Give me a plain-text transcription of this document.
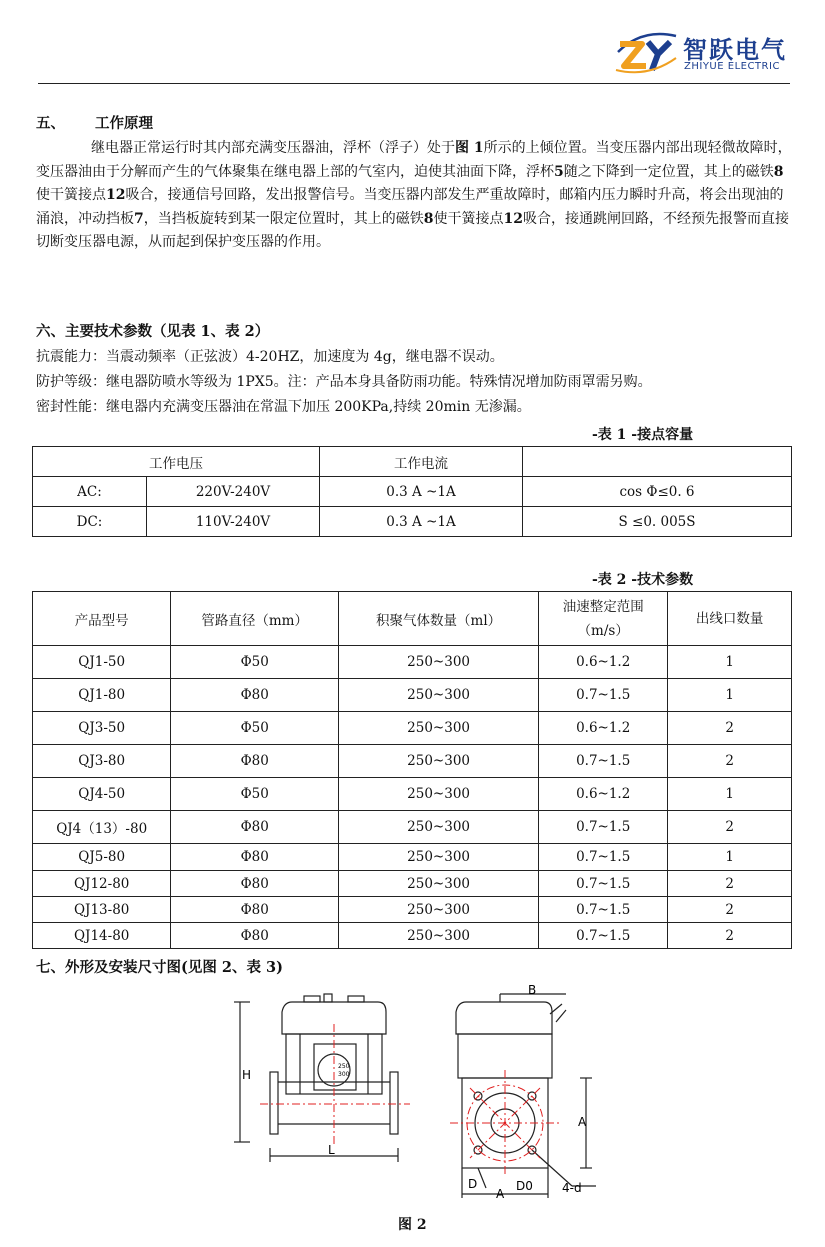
智跃电气
ZHIYUE ELECTRIC
五、 工作原理
继电器正常运行时其内部充满变压器油，浮杯（浮子）处于图 1所示的上倾位置。当变压器内部出现轻微故障时，变压器油由于分解而产生的气体聚集在继电器上部的气室内，迫使其油面下降，浮杯5随之下降到一定位置，其上的磁铁8使干簧接点12吸合，接通信号回路，发出报警信号。当变压器内部发生严重故障时，邮箱内压力瞬时升高，将会出现油的涌浪，冲动挡板7，当挡板旋转到某一限定位置时，其上的磁铁8使干簧接点12吸合，接通跳闸回路，不经预先报警而直接切断变压器电源，从而起到保护变压器的作用。
六、主要技术参数（见表 1、表 2）
抗震能力：当震动频率（正弦波）4-20HZ，加速度为 4g，继电器不误动。
防护等级：继电器防喷水等级为 1PX5。注：产品本身具备防雨功能。特殊情况增加防雨罩需另购。
密封性能：继电器内充满变压器油在常温下加压 200KPa,持续 20min 无渗漏。
-表 1 -接点容量
工作电压		工作电流	
AC:	220V-240V	0.3 A ~1A	cos Φ≤0. 6
DC:	110V-240V	0.3 A ~1A	S ≤0. 005S
-表 2 -技术参数
产品型号	管路直径（mm）	积聚气体数量（ml）	油速整定范围（m/s）	出线口数量
QJ1-50	Φ50	250~300	0.6~1.2	1
QJ1-80	Φ80	250~300	0.7~1.5	1
QJ3-50	Φ50	250~300	0.6~1.2	2
QJ3-80	Φ80	250~300	0.7~1.5	2
QJ4-50	Φ50	250~300	0.6~1.2	1
QJ4（13）-80	Φ80	250~300	0.7~1.5	2
QJ5-80	Φ80	250~300	0.7~1.5	1
QJ12-80	Φ80	250~300	0.7~1.5	2
QJ13-80	Φ80	250~300	0.7~1.5	2
QJ14-80	Φ80	250~300	0.7~1.5	2
七、外形及安装尺寸图(见图 2、表 3)
H
L
250
300
B
A
A
D	D0 4-d
图 2
